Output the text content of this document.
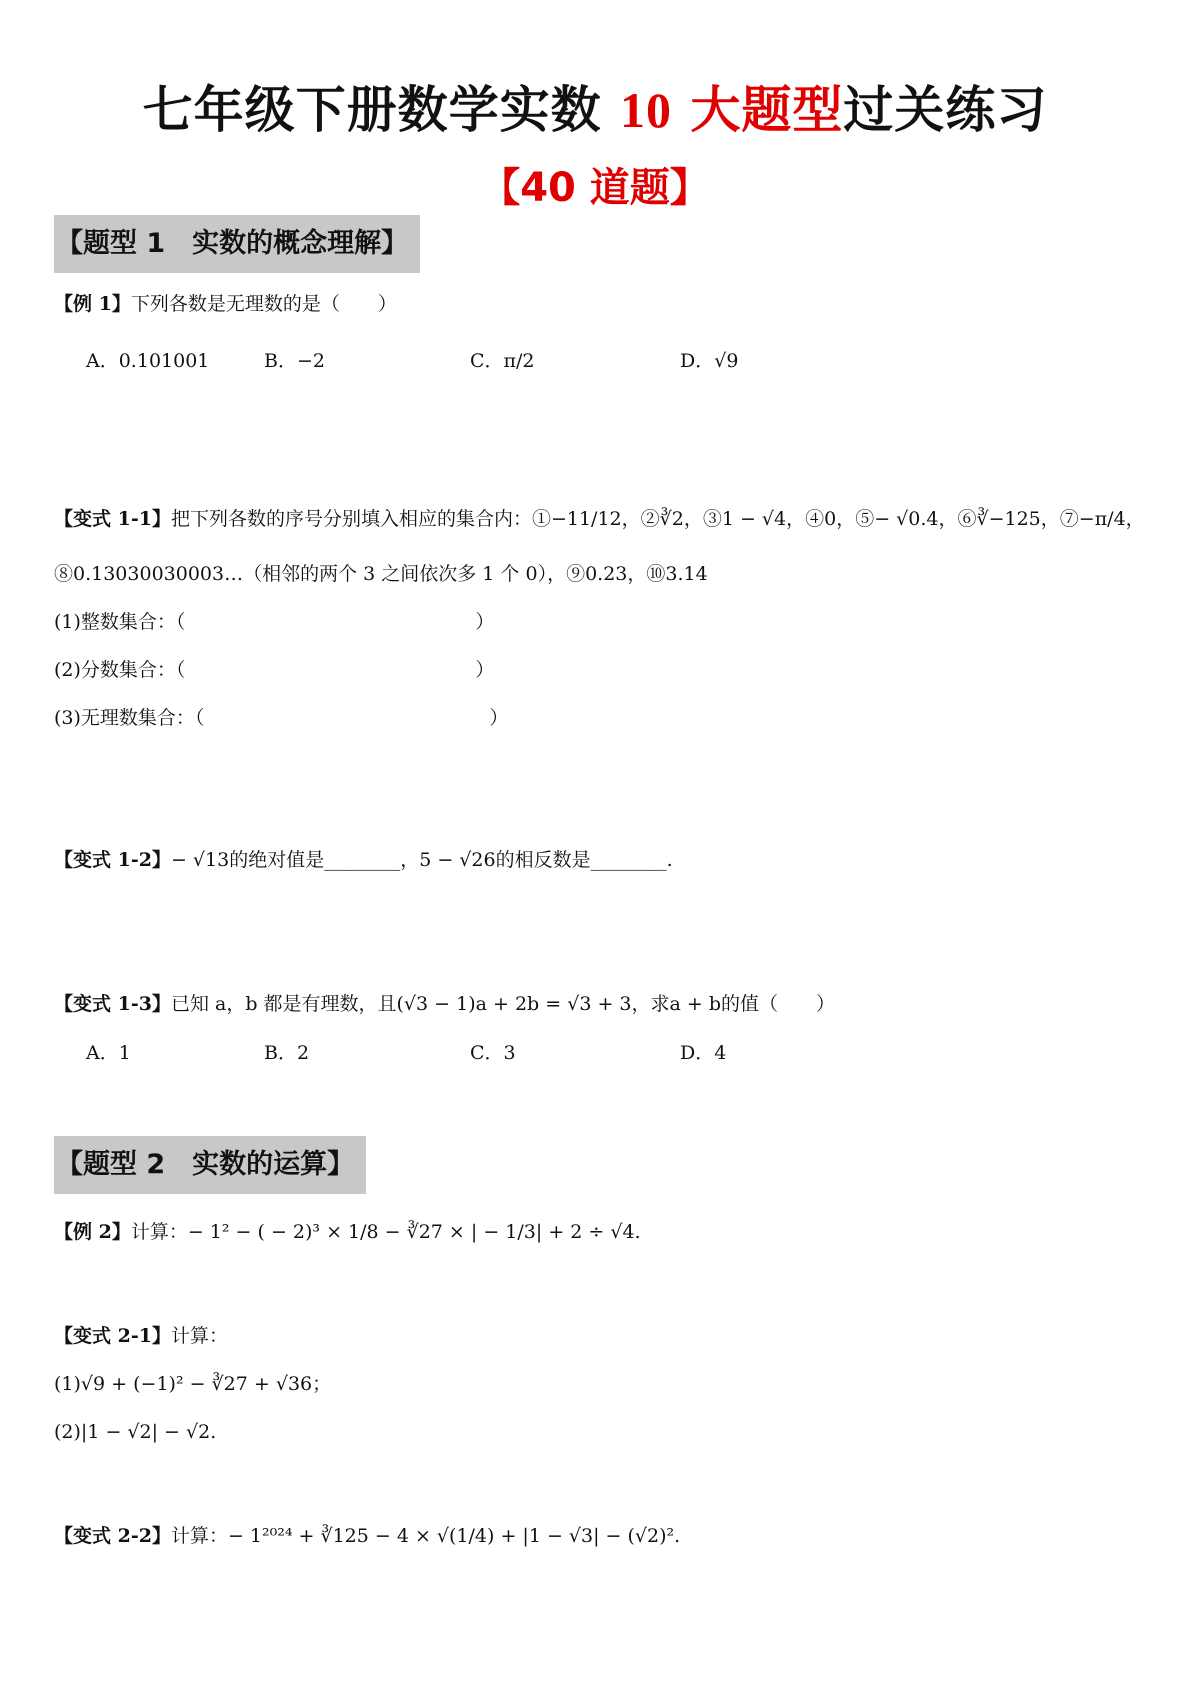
七年级下册数学实数 10 大题型过关练习
【40 道题】
【题型 1　实数的概念理解】
【例 1】下列各数是无理数的是（　　）
A．0.101001	B．−2	C．π/2	D．√9
【变式 1-1】把下列各数的序号分别填入相应的集合内：①−11/12，②∛2，③1 − √4，④0，⑤− √0.4，⑥∛−125，⑦−π/4，
⑧0.13030030003…（相邻的两个 3 之间依次多 1 个 0），⑨0.23，⑩3.14
(1)整数集合：（	）
(2)分数集合：（	）
(3)无理数集合：（	）
【变式 1-2】− √13的绝对值是________，5 − √26的相反数是________.
【变式 1-3】已知 a，b 都是有理数，且(√3 − 1)a + 2b = √3 + 3，求a + b的值（　　）
A．1	B．2	C．3	D．4
【题型 2　实数的运算】
【例 2】计算：− 1² − ( − 2)³ × 1/8 − ∛27 × | − 1/3| + 2 ÷ √4.
【变式 2-1】计算：
(1)√9 + (−1)² − ∛27 + √36；
(2)|1 − √2| − √2.
【变式 2-2】计算：− 1²⁰²⁴ + ∛125 − 4 × √(1/4) + |1 − √3| − (√2)².
